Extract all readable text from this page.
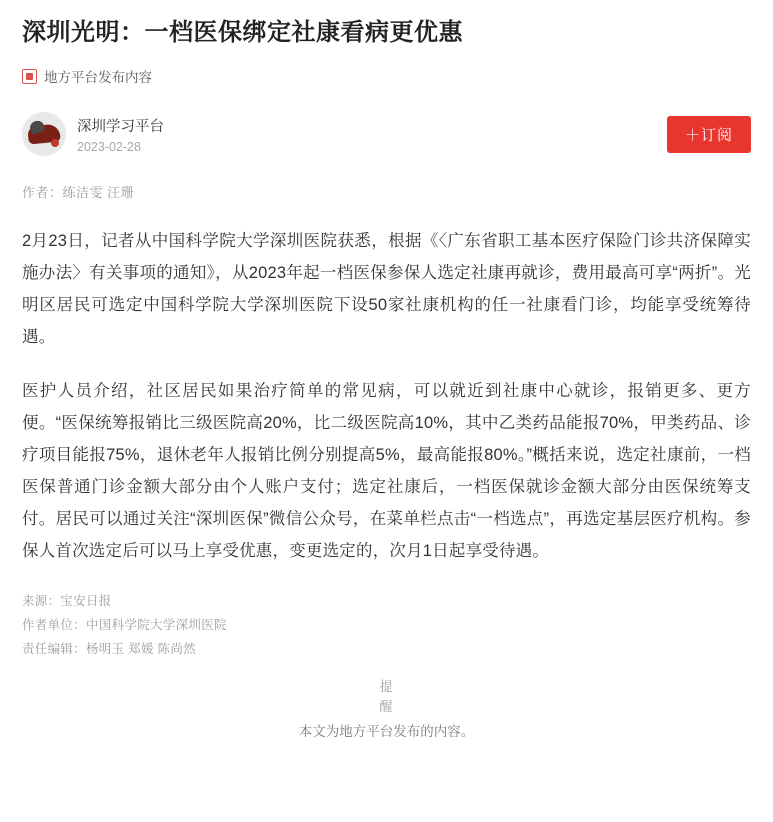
深圳光明：一档医保绑定社康看病更优惠
地方平台发布内容
深圳学习平台
2023-02-28
＋订阅
作者：练洁雯 汪珊

2月23日，记者从中国科学院大学深圳医院获悉，根据《〈广东省职工基本医疗保险门诊共济保障实施办法〉有关事项的通知》，从2023年起一档医保参保人选定社康再就诊，费用最高可享“两折”。光明区居民可选定中国科学院大学深圳医院下设50家社康机构的任一社康看门诊，均能享受统筹待遇。

医护人员介绍，社区居民如果治疗简单的常见病，可以就近到社康中心就诊，报销更多、更方便。“医保统筹报销比三级医院高20%，比二级医院高10%，其中乙类药品能报70%，甲类药品、诊疗项目能报75%，退休老年人报销比例分别提高5%，最高能报80%。”概括来说，选定社康前，一档医保普通门诊金额大部分由个人账户支付；选定社康后，一档医保就诊金额大部分由医保统筹支付。居民可以通过关注“深圳医保”微信公众号，在菜单栏点击“一档选点”，再选定基层医疗机构。参保人首次选定后可以马上享受优惠，变更选定的，次月1日起享受待遇。

来源：宝安日报
作者单位：中国科学院大学深圳医院
责任编辑：杨明玉 郑媛 陈尚然
提
醒
本文为地方平台发布的内容。
